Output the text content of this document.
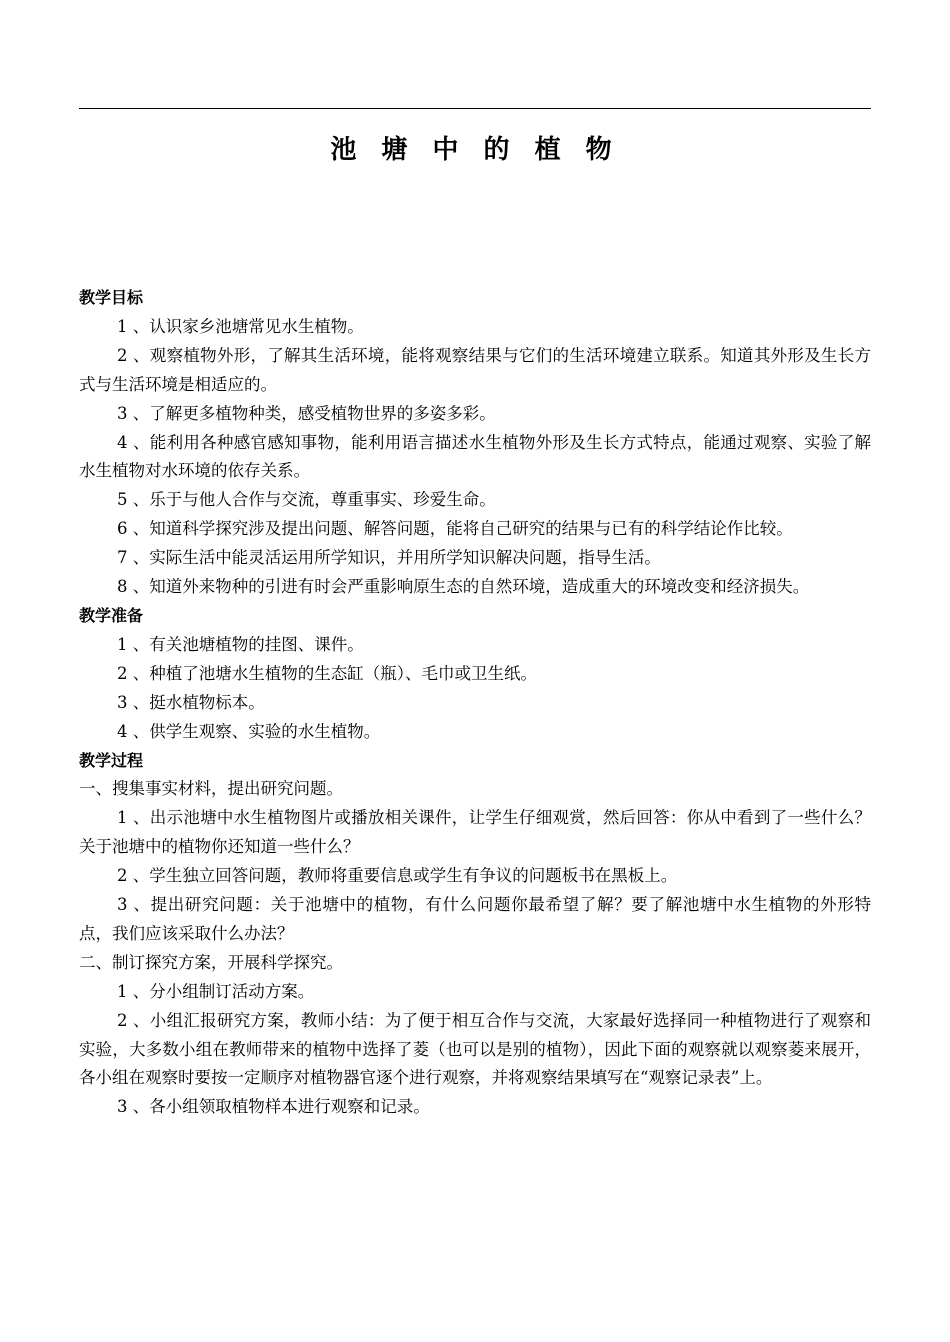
池 塘 中 的 植 物

教学目标

1 、认识家乡池塘常见水生植物。

2 、观察植物外形，了解其生活环境，能将观察结果与它们的生活环境建立联系。知道其外形及生长方式与生活环境是相适应的。

3 、了解更多植物种类，感受植物世界的多姿多彩。

4 、能利用各种感官感知事物，能利用语言描述水生植物外形及生长方式特点，能通过观察、实验了解水生植物对水环境的依存关系。

5 、乐于与他人合作与交流，尊重事实、珍爱生命。

6 、知道科学探究涉及提出问题、解答问题，能将自己研究的结果与已有的科学结论作比较。

7 、实际生活中能灵活运用所学知识，并用所学知识解决问题，指导生活。

8 、知道外来物种的引进有时会严重影响原生态的自然环境，造成重大的环境改变和经济损失。

教学准备

1 、有关池塘植物的挂图、课件。

2 、种植了池塘水生植物的生态缸（瓶）、毛巾或卫生纸。

3 、挺水植物标本。

4 、供学生观察、实验的水生植物。

教学过程

一、搜集事实材料，提出研究问题。

1 、出示池塘中水生植物图片或播放相关课件，让学生仔细观赏，然后回答：你从中看到了一些什么？关于池塘中的植物你还知道一些什么？

2 、学生独立回答问题，教师将重要信息或学生有争议的问题板书在黑板上。

3 、提出研究问题：关于池塘中的植物，有什么问题你最希望了解？要了解池塘中水生植物的外形特点，我们应该采取什么办法？

二、制订探究方案，开展科学探究。

1 、分小组制订活动方案。

2 、小组汇报研究方案，教师小结：为了便于相互合作与交流，大家最好选择同一种植物进行了观察和实验，大多数小组在教师带来的植物中选择了菱（也可以是别的植物），因此下面的观察就以观察菱来展开，各小组在观察时要按一定顺序对植物器官逐个进行观察，并将观察结果填写在“观察记录表”上。

3 、各小组领取植物样本进行观察和记录。
